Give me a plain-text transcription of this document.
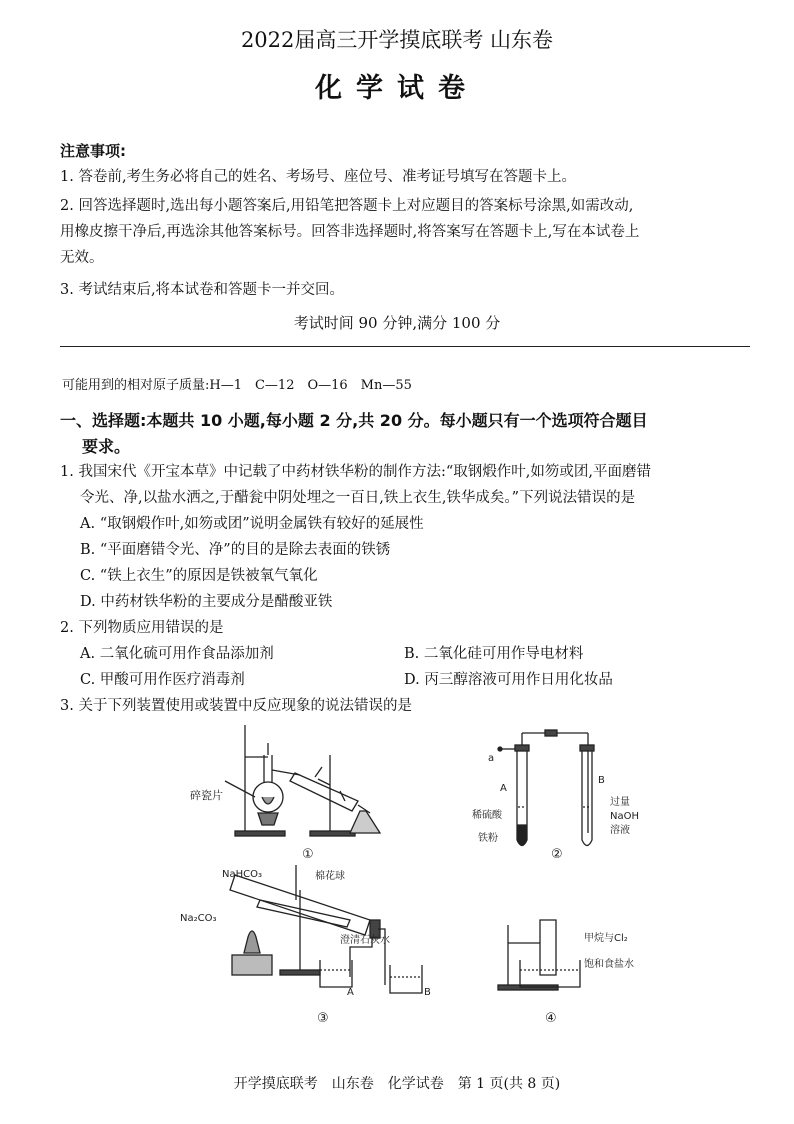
2022届高三开学摸底联考 山东卷
化学试卷
注意事项:
1. 答卷前,考生务必将自己的姓名、考场号、座位号、准考证号填写在答题卡上。
2. 回答选择题时,选出每小题答案后,用铅笔把答题卡上对应题目的答案标号涂黑,如需改动,
用橡皮擦干净后,再选涂其他答案标号。回答非选择题时,将答案写在答题卡上,写在本试卷上
无效。
3. 考试结束后,将本试卷和答题卡一并交回。
考试时间 90 分钟,满分 100 分
可能用到的相对原子质量:H—1　C—12　O—16　Mn—55
一、选择题:本题共 10 小题,每小题 2 分,共 20 分。每小题只有一个选项符合题目
要求。
1. 我国宋代《开宝本草》中记载了中药材铁华粉的制作方法:“取钢煅作叶,如笏或团,平面磨错
令光、净,以盐水洒之,于醋瓮中阴处埋之一百日,铁上衣生,铁华成矣。”下列说法错误的是
A. “取钢煅作叶,如笏或团”说明金属铁有较好的延展性
B. “平面磨错令光、净”的目的是除去表面的铁锈
C. “铁上衣生”的原因是铁被氧气氧化
D. 中药材铁华粉的主要成分是醋酸亚铁
2. 下列物质应用错误的是
A. 二氧化硫可用作食品添加剂	B. 二氧化硅可用作导电材料
C. 甲酸可用作医疗消毒剂	D. 丙三醇溶液可用作日用化妆品
3. 关于下列装置使用或装置中反应现象的说法错误的是
碎瓷片
①
a
A
B
稀硫酸
铁粉
过量
NaOH
溶液
②
NaHCO₃	棉花球
Na₂CO₃
澄清石灰水
A	B
③
甲烷与Cl₂
饱和食盐水
④
开学摸底联考　山东卷　化学试卷　第 1 页(共 8 页)
